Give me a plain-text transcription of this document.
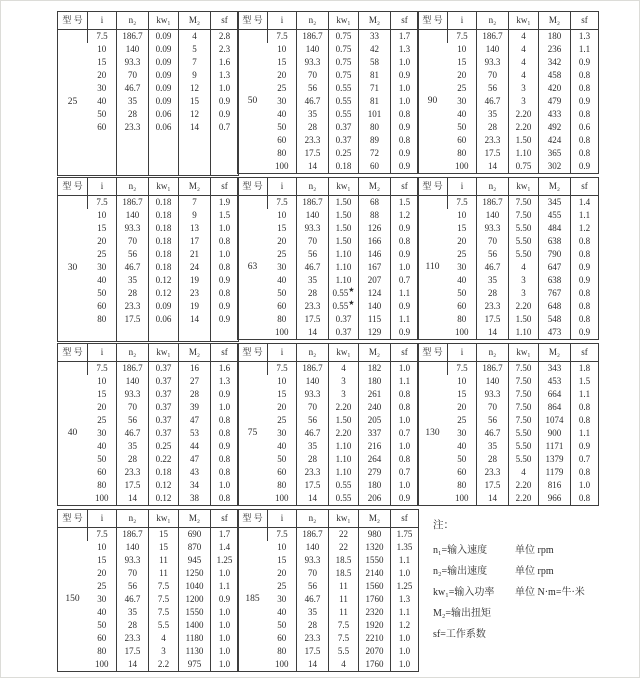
型 号	i	n₂	kw₁	M₂	sf
25	7.5	186.7	0.09	4	2.8
	10	140	0.09	5	2.3
	15	93.3	0.09	7	1.6
	20	70	0.09	9	1.3
	30	46.7	0.09	12	1.0
	40	35	0.09	15	0.9
	50	28	0.06	12	0.9
	60	23.3	0.06	14	0.7

型 号	i	n₂	kw₁	M₂	sf
50	7.5	186.7	0.75	33	1.7
	10	140	0.75	42	1.3
	15	93.3	0.75	58	1.0
	20	70	0.75	81	0.9
	25	56	0.55	71	1.0
	30	46.7	0.55	81	1.0
	40	35	0.55	101	0.8
	50	28	0.37	80	0.9
	60	23.3	0.37	89	0.8
	80	17.5	0.25	72	0.9
	100	14	0.18	60	0.9
型 号	i	n₂	kw₁	M₂	sf
90	7.5	186.7	4	180	1.3
	10	140	4	236	1.1
	15	93.3	4	342	0.9
	20	70	4	458	0.8
	25	56	3	420	0.8
	30	46.7	3	479	0.9
	40	35	2.20	433	0.8
	50	28	2.20	492	0.6
	60	23.3	1.50	424	0.8
	80	17.5	1.10	365	0.8
	100	14	0.75	302	0.9
型 号	i	n₂	kw₁	M₂	sf
30	7.5	186.7	0.18	7	1.9
	10	140	0.18	9	1.5
	15	93.3	0.18	13	1.0
	20	70	0.18	17	0.8
	25	56	0.18	21	1.0
	30	46.7	0.18	24	0.8
	40	35	0.12	19	0.9
	50	28	0.12	23	0.8
	60	23.3	0.09	19	0.9
	80	17.5	0.06	14	0.9

型 号	i	n₂	kw₁	M₂	sf
63	7.5	186.7	1.50	68	1.5
	10	140	1.50	88	1.2
	15	93.3	1.50	126	0.9
	20	70	1.50	166	0.8
	25	56	1.10	146	0.9
	30	46.7	1.10	167	1.0
	40	35	1.10	207	0.7
	50	28	0.55★	124	1.1
	60	23.3	0.55★	140	0.9
	80	17.5	0.37	115	1.1
	100	14	0.37	129	0.9
型 号	i	n₂	kw₁	M₂	sf
110	7.5	186.7	7.50	345	1.4
	10	140	7.50	455	1.1
	15	93.3	5.50	484	1.2
	20	70	5.50	638	0.8
	25	56	5.50	790	0.8
	30	46.7	4	647	0.9
	40	35	3	638	0.9
	50	28	3	767	0.8
	60	23.3	2.20	648	0.8
	80	17.5	1.50	548	0.8
	100	14	1.10	473	0.9
型 号	i	n₂	kw₁	M₂	sf
40	7.5	186.7	0.37	16	1.6
	10	140	0.37	27	1.3
	15	93.3	0.37	28	0.9
	20	70	0.37	39	1.0
	25	56	0.37	47	0.8
	30	46.7	0.37	53	0.8
	40	35	0.25	44	0.9
	50	28	0.22	47	0.8
	60	23.3	0.18	43	0.8
	80	17.5	0.12	34	1.0
	100	14	0.12	38	0.8
型 号	i	n₂	kw₁	M₂	sf
75	7.5	186.7	4	182	1.0
	10	140	3	180	1.1
	15	93.3	3	261	0.8
	20	70	2.20	240	0.8
	25	56	1.50	205	1.0
	30	46.7	2.20	337	0.7
	40	35	1.10	216	1.0
	50	28	1.10	264	0.8
	60	23.3	1.10	279	0.7
	80	17.5	0.55	180	1.0
	100	14	0.55	206	0.9
型 号	i	n₂	kw₁	M₂	sf
130	7.5	186.7	7.50	343	1.8
	10	140	7.50	453	1.5
	15	93.3	7.50	664	1.1
	20	70	7.50	864	0.8
	25	56	7.50	1074	0.8
	30	46.7	5.50	900	1.1
	40	35	5.50	1171	0.9
	50	28	5.50	1379	0.7
	60	23.3	4	1179	0.8
	80	17.5	2.20	816	1.0
	100	14	2.20	966	0.8
型 号	i	n₂	kw₁	M₂	sf
150	7.5	186.7	15	690	1.7
	10	140	15	870	1.4
	15	93.3	11	945	1.25
	20	70	11	1250	1.0
	25	56	7.5	1040	1.1
	30	46.7	7.5	1200	0.9
	40	35	7.5	1550	1.0
	50	28	5.5	1400	1.0
	60	23.3	4	1180	1.0
	80	17.5	3	1130	1.0
	100	14	2.2	975	1.0
型 号	i	n₂	kw₁	M₂	sf
185	7.5	186.7	22	980	1.75
	10	140	22	1320	1.35
	15	93.3	18.5	1550	1.1
	20	70	18.5	2140	1.0
	25	56	11	1560	1.25
	30	46.7	11	1760	1.3
	40	35	11	2320	1.1
	50	28	7.5	1920	1.2
	60	23.3	7.5	2210	1.0
	80	17.5	5.5	2070	1.0
	100	14	4	1760	1.0
注：
n₁=输入速度	单位 rpm
n₂=输出速度	单位 rpm
kw₁=输入功率	单位 N·m=牛·米
M₂=输出扭矩
sf=工作系数
